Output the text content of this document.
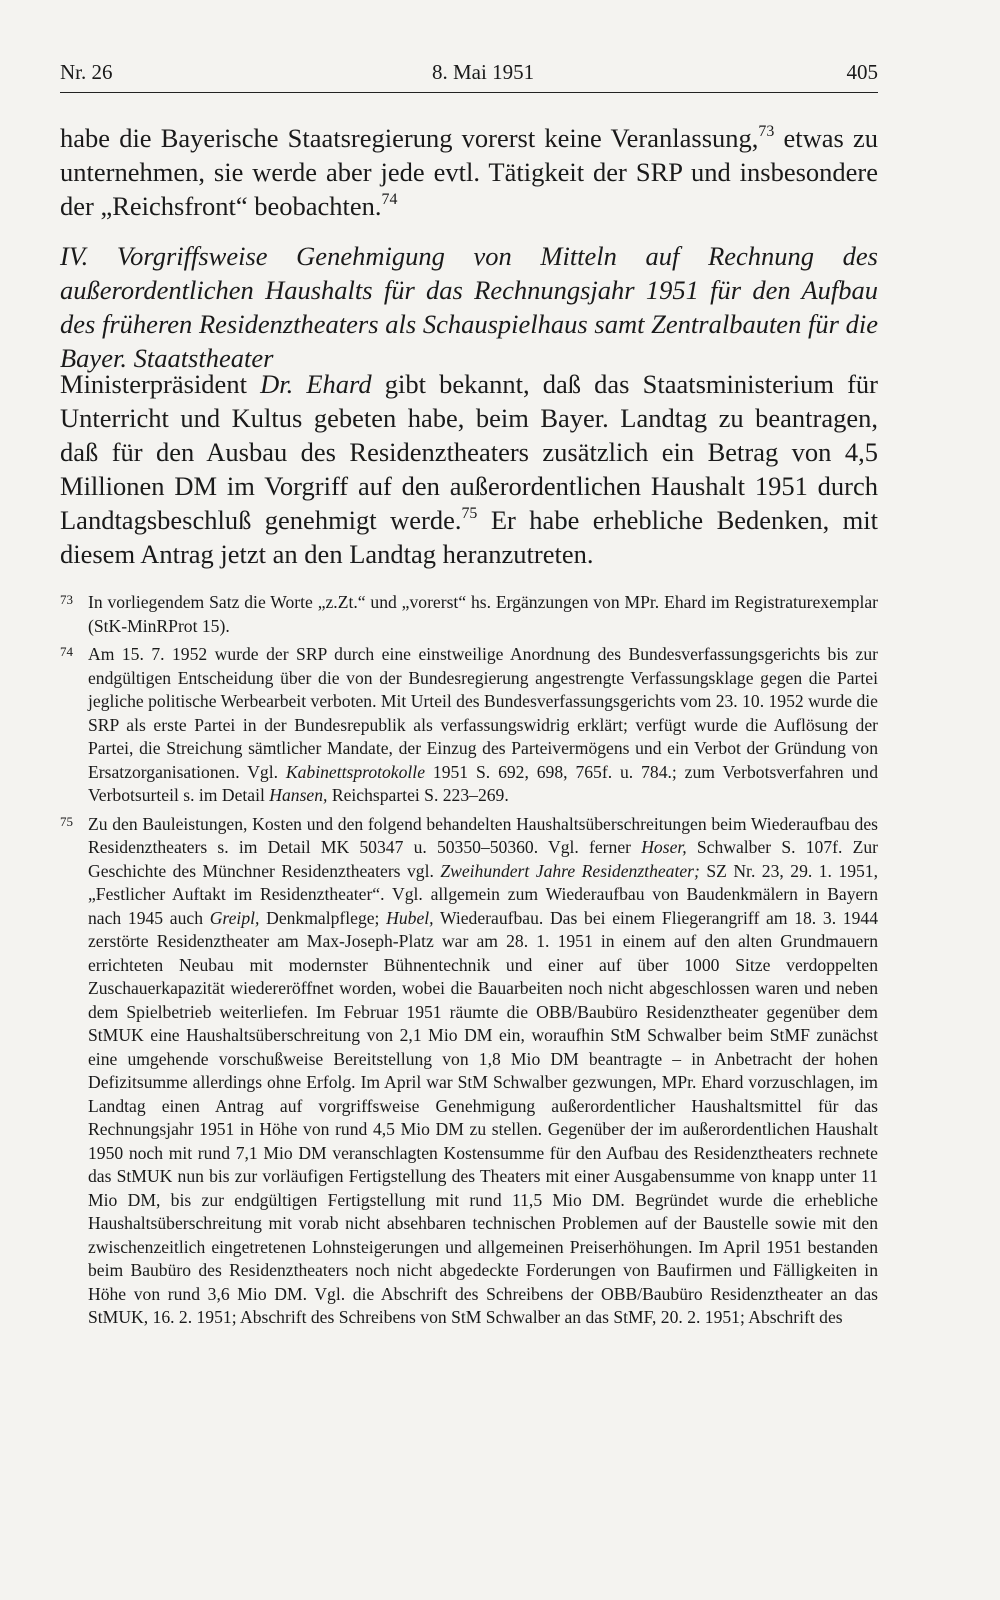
Nr. 26	8. Mai 1951	405

habe die Bayerische Staatsregierung vorerst keine Veranlassung,$^{73}$ etwas zu unternehmen, sie werde aber jede evtl. Tätigkeit der SRP und insbesondere der „Reichsfront“ beobachten.$^{74}$

IV. Vorgriffsweise Genehmigung von Mitteln auf Rechnung des außerordentlichen Haushalts für das Rechnungsjahr 1951 für den Aufbau des früheren Residenztheaters als Schauspielhaus samt Zentralbauten für die Bayer. Staatstheater

Ministerpräsident Dr. Ehard gibt bekannt, daß das Staatsministerium für Unterricht und Kultus gebeten habe, beim Bayer. Landtag zu beantragen, daß für den Ausbau des Residenztheaters zusätzlich ein Betrag von 4,5 Millionen DM im Vorgriff auf den außerordentlichen Haushalt 1951 durch Landtagsbeschluß genehmigt werde.$^{75}$ Er habe erhebliche Bedenken, mit diesem Antrag jetzt an den Landtag heranzutreten.

73 In vorliegendem Satz die Worte „z.Zt.“ und „vorerst“ hs. Ergänzungen von MPr. Ehard im Registraturexemplar (StK-MinRProt 15).
74 Am 15. 7. 1952 wurde der SRP durch eine einstweilige Anordnung des Bundesverfassungsgerichts bis zur endgültigen Entscheidung über die von der Bundesregierung angestrengte Verfassungsklage gegen die Partei jegliche politische Werbearbeit verboten. Mit Urteil des Bundesverfassungsgerichts vom 23. 10. 1952 wurde die SRP als erste Partei in der Bundesrepublik als verfassungswidrig erklärt; verfügt wurde die Auflösung der Partei, die Streichung sämtlicher Mandate, der Einzug des Parteivermögens und ein Verbot der Gründung von Ersatzorganisationen. Vgl. Kabinettsprotokolle 1951 S. 692, 698, 765f. u. 784.; zum Verbotsverfahren und Verbotsurteil s. im Detail Hansen, Reichspartei S. 223–269.
75 Zu den Bauleistungen, Kosten und den folgend behandelten Haushaltsüberschreitungen beim Wiederaufbau des Residenztheaters s. im Detail MK 50347 u. 50350–50360. Vgl. ferner Hoser, Schwalber S. 107f. Zur Geschichte des Münchner Residenztheaters vgl. Zweihundert Jahre Residenztheater; SZ Nr. 23, 29. 1. 1951, „Festlicher Auftakt im Residenztheater“. Vgl. allgemein zum Wiederaufbau von Baudenkmälern in Bayern nach 1945 auch Greipl, Denkmalpflege; Hubel, Wiederaufbau. Das bei einem Fliegerangriff am 18. 3. 1944 zerstörte Residenztheater am Max-Joseph-Platz war am 28. 1. 1951 in einem auf den alten Grundmauern errichteten Neubau mit modernster Bühnentechnik und einer auf über 1000 Sitze verdoppelten Zuschauerkapazität wiedereröffnet worden, wobei die Bauarbeiten noch nicht abgeschlossen waren und neben dem Spielbetrieb weiterliefen. Im Februar 1951 räumte die OBB/Baubüro Residenztheater gegenüber dem StMUK eine Haushaltsüberschreitung von 2,1 Mio DM ein, woraufhin StM Schwalber beim StMF zunächst eine umgehende vorschußweise Bereitstellung von 1,8 Mio DM beantragte – in Anbetracht der hohen Defizitsumme allerdings ohne Erfolg. Im April war StM Schwalber gezwungen, MPr. Ehard vorzuschlagen, im Landtag einen Antrag auf vorgriffsweise Genehmigung außerordentlicher Haushaltsmittel für das Rechnungsjahr 1951 in Höhe von rund 4,5 Mio DM zu stellen. Gegenüber der im außerordentlichen Haushalt 1950 noch mit rund 7,1 Mio DM veranschlagten Kostensumme für den Aufbau des Residenztheaters rechnete das StMUK nun bis zur vorläufigen Fertigstellung des Theaters mit einer Ausgabensumme von knapp unter 11 Mio DM, bis zur endgültigen Fertigstellung mit rund 11,5 Mio DM. Begründet wurde die erhebliche Haushaltsüberschreitung mit vorab nicht absehbaren technischen Problemen auf der Baustelle sowie mit den zwischenzeitlich eingetretenen Lohnsteigerungen und allgemeinen Preiserhöhungen. Im April 1951 bestanden beim Baubüro des Residenztheaters noch nicht abgedeckte Forderungen von Baufirmen und Fälligkeiten in Höhe von rund 3,6 Mio DM. Vgl. die Abschrift des Schreibens der OBB/Baubüro Residenztheater an das StMUK, 16. 2. 1951; Abschrift des Schreibens von StM Schwalber an das StMF, 20. 2. 1951; Abschrift des
